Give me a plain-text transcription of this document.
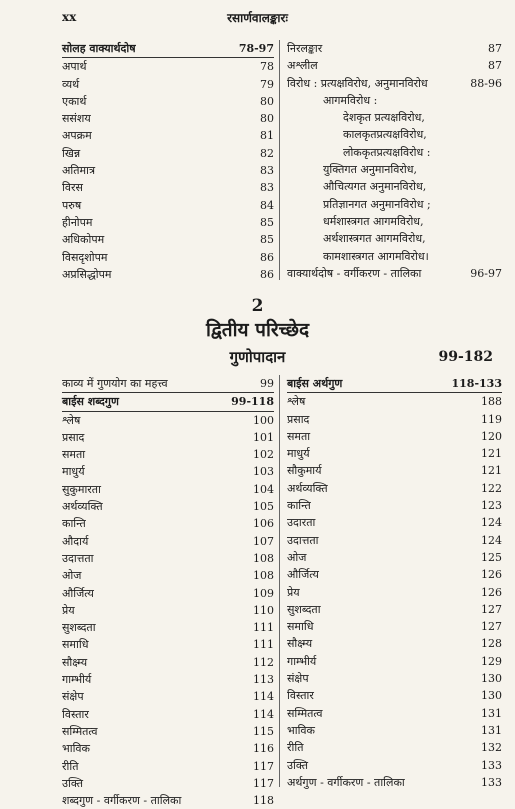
xx	रसार्णवालङ्कारः
सोलह वाक्यार्थदोष	78-97
अपार्थ	78
व्यर्थ	79
एकार्थ	80
ससंशय	80
अपक्रम	81
खिन्न	82
अतिमात्र	83
विरस	83
परुष	84
हीनोपम	85
अधिकोपम	85
विसदृशोपम	86
अप्रसिद्धोपम	86
निरलङ्कार	87
अश्लील	87
विरोध : प्रत्यक्षविरोध, अनुमानविरोध	88-96
आगमविरोध :
देशकृत प्रत्यक्षविरोध,
कालकृतप्रत्यक्षविरोध,
लोककृतप्रत्यक्षविरोध :
युक्तिगत अनुमानविरोध,
औचित्यगत अनुमानविरोध,
प्रतिज्ञानगत अनुमानविरोध ;
धर्मशास्त्रगत आगमविरोध,
अर्थशास्त्रगत आगमविरोध,
कामशास्त्रगत आगमविरोध।
वाक्यार्थदोष - वर्गीकरण - तालिका	96-97
2
द्वितीय परिच्छेद
गुणोपादान	99-182
काव्य में गुणयोग का महत्त्व	99
बाईस शब्दगुण	99-118
श्लेष	100
प्रसाद	101
समता	102
माधुर्य	103
सुकुमारता	104
अर्थव्यक्ति	105
कान्ति	106
औदार्य	107
उदात्तता	108
ओज	108
और्जित्य	109
प्रेय	110
सुशब्दता	111
समाधि	111
सौक्ष्म्य	112
गाम्भीर्य	113
संक्षेप	114
विस्तार	114
सम्मितत्व	115
भाविक	116
रीति	117
उक्ति	117
शब्दगुण - वर्गीकरण - तालिका	118
बाईस अर्थगुण	118-133
श्लेष	188
प्रसाद	119
समता	120
माधुर्य	121
सौकुमार्य	121
अर्थव्यक्ति	122
कान्ति	123
उदारता	124
उदात्तता	124
ओज	125
और्जित्य	126
प्रेय	126
सुशब्दता	127
समाधि	127
सौक्ष्म्य	128
गाम्भीर्य	129
संक्षेप	130
विस्तार	130
सम्मितत्व	131
भाविक	131
रीति	132
उक्ति	133
अर्थगुण - वर्गीकरण - तालिका	133
